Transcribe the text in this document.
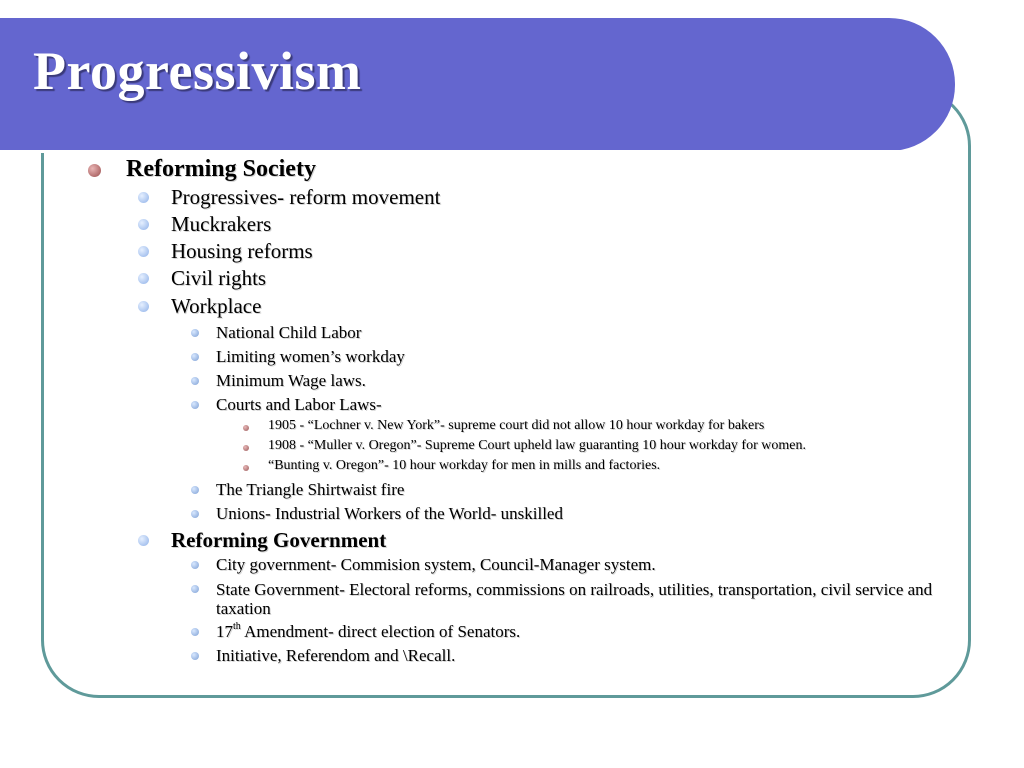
Progressivism
Reforming Society
Progressives- reform movement
Muckrakers
Housing reforms
Civil rights
Workplace
National Child Labor
Limiting women’s workday
Minimum Wage laws.
Courts and Labor Laws-
1905 - “Lochner v. New York”- supreme court did not allow 10 hour workday for bakers
1908 - “Muller v. Oregon”- Supreme Court upheld law guaranting 10 hour workday for women.
“Bunting v. Oregon”- 10 hour workday for men in mills and factories.
The Triangle Shirtwaist fire
Unions- Industrial Workers of the World- unskilled
Reforming Government
City government- Commision system, Council-Manager system.
State Government- Electoral reforms, commissions on railroads, utilities, transportation, civil service and taxation
17th Amendment- direct election of Senators.
Initiative, Referendom and \Recall.
